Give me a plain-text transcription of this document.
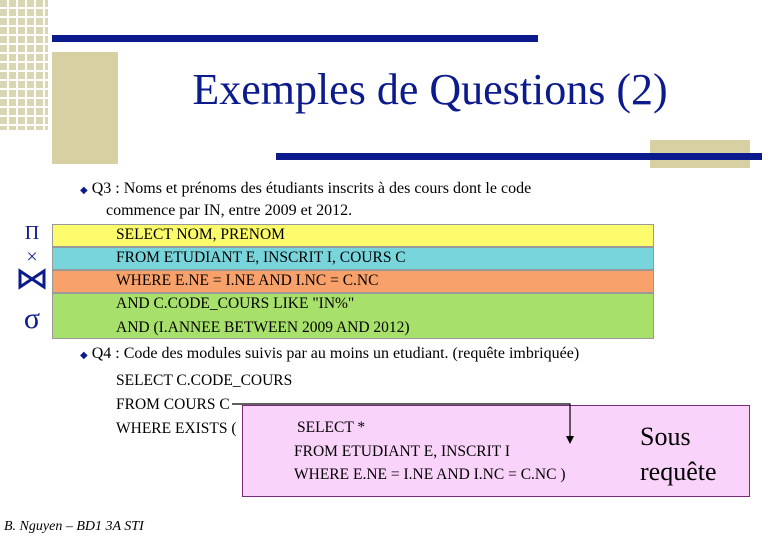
Exemples de Questions (2)
◆ Q3 : Noms et prénoms des étudiants inscrits à des cours dont le code
commence par IN, entre 2009 et 2012.
SELECT NOM, PRENOM
FROM ETUDIANT E, INSCRIT I, COURS C
WHERE E.NE = I.NE AND I.NC = C.NC
AND C.CODE_COURS LIKE "IN%"
AND (I.ANNEE BETWEEN 2009 AND 2012)
Π
×
σ
◆ Q4 : Code des modules suivis par au moins un etudiant. (requête imbriquée)
SELECT C.CODE_COURS
FROM COURS C
WHERE EXISTS (	SELECT *
FROM ETUDIANT E, INSCRIT I
WHERE E.NE = I.NE AND I.NC = C.NC )
Sous
requête
B. Nguyen – BD1 3A STI
